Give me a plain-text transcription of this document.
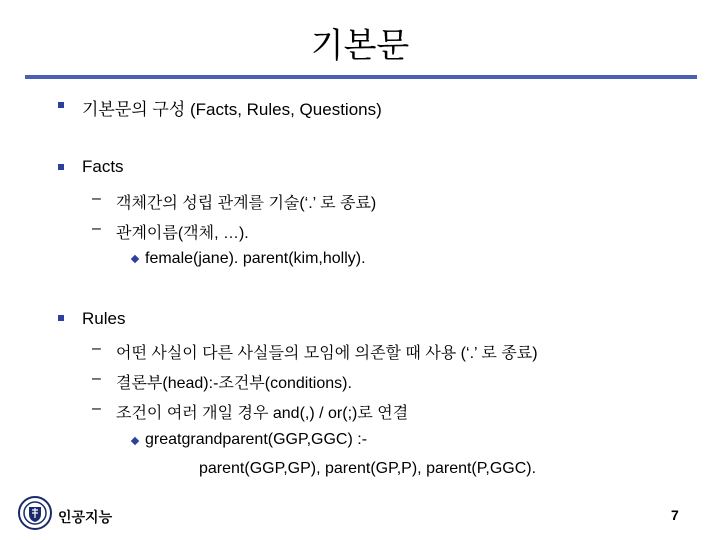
기본문
기본문의 구성 (Facts, Rules, Questions)
Facts
– 객체간의 성립 관계를 기술(‘.’ 로 종료)
– 관계이름(객체, …).
female(jane). parent(kim,holly).
Rules
– 어떤 사실이 다른 사실들의 모임에 의존할 때 사용 (‘.’ 로 종료)
– 결론부(head):-조건부(conditions).
– 조건이 여러 개일 경우 and(,) / or(;)로 연결
greatgrandparent(GGP,GGC) :-
parent(GGP,GP), parent(GP,P), parent(P,GGC).
인공지능	7
